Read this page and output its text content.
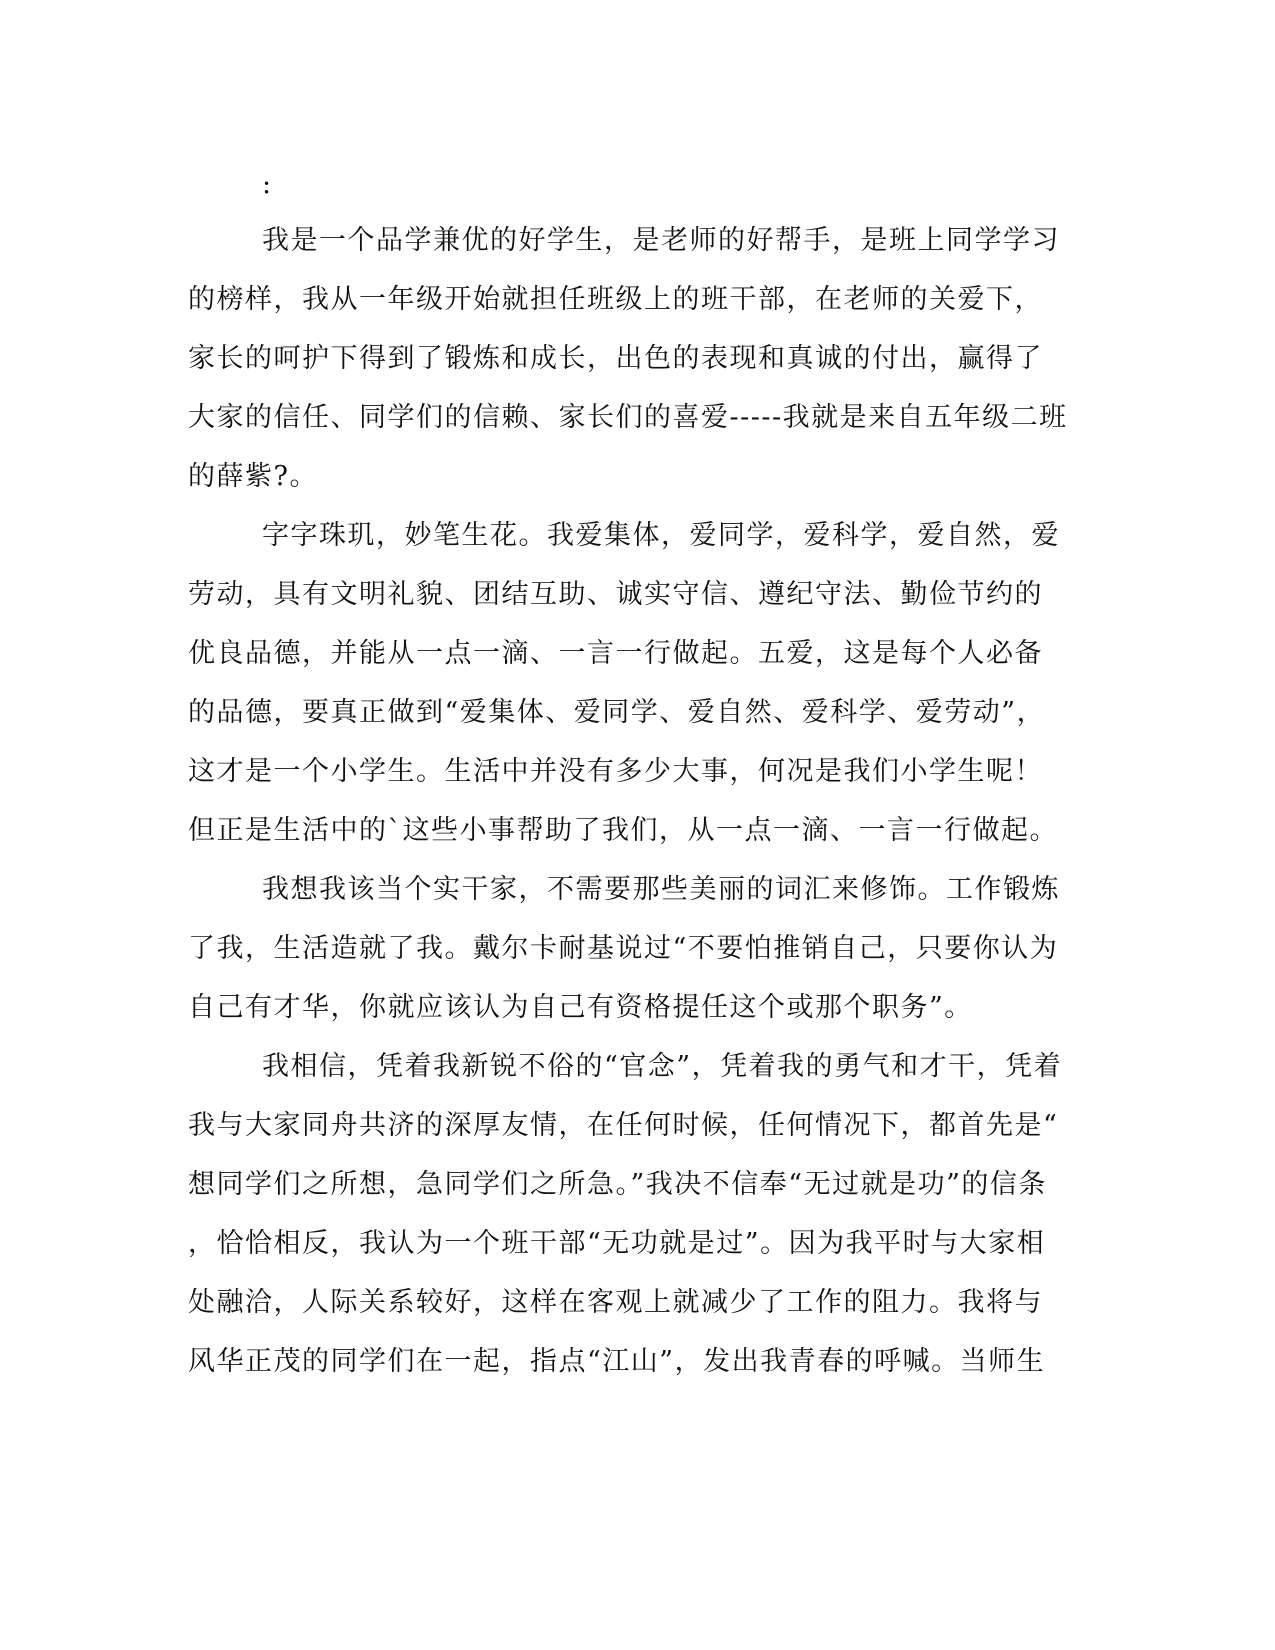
:
我是一个品学兼优的好学生，是老师的好帮手，是班上同学学习
的榜样，我从一年级开始就担任班级上的班干部，在老师的关爱下，
家长的呵护下得到了锻炼和成长，出色的表现和真诚的付出，赢得了
大家的信任、同学们的信赖、家长们的喜爱-----我就是来自五年级二班
的薛紫?。
字字珠玑，妙笔生花。我爱集体，爱同学，爱科学，爱自然，爱
劳动，具有文明礼貌、团结互助、诚实守信、遵纪守法、勤俭节约的
优良品德，并能从一点一滴、一言一行做起。五爱，这是每个人必备
的品德，要真正做到“爱集体、爱同学、爱自然、爱科学、爱劳动”，
这才是一个小学生。生活中并没有多少大事，何况是我们小学生呢！
但正是生活中的`这些小事帮助了我们，从一点一滴、一言一行做起。
我想我该当个实干家，不需要那些美丽的词汇来修饰。工作锻炼
了我，生活造就了我。戴尔卡耐基说过“不要怕推销自己，只要你认为
自己有才华，你就应该认为自己有资格提任这个或那个职务”。
我相信，凭着我新锐不俗的“官念”，凭着我的勇气和才干，凭着
我与大家同舟共济的深厚友情，在任何时候，任何情况下，都首先是“
想同学们之所想，急同学们之所急。”我决不信奉“无过就是功”的信条
，恰恰相反，我认为一个班干部“无功就是过”。因为我平时与大家相
处融洽，人际关系较好，这样在客观上就减少了工作的阻力。我将与
风华正茂的同学们在一起，指点“江山”，发出我青春的呼喊。当师生
